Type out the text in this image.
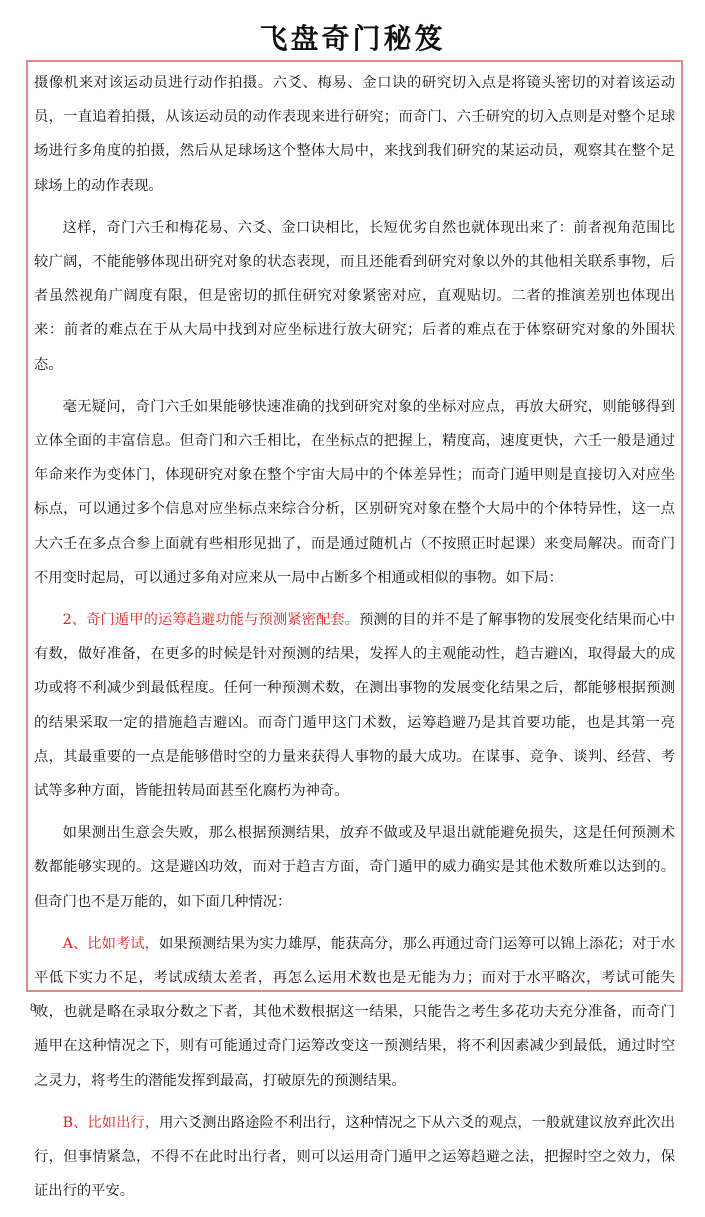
飞盘奇门秘笈

摄像机来对该运动员进行动作拍摄。六爻、梅易、金口诀的研究切入点是将镜头密切的对着该运动员，一直追着拍摄，从该运动员的动作表现来进行研究；而奇门、六壬研究的切入点则是对整个足球场进行多角度的拍摄，然后从足球场这个整体大局中，来找到我们研究的某运动员，观察其在整个足球场上的动作表现。

这样，奇门六壬和梅花易、六爻、金口诀相比，长短优劣自然也就体现出来了：前者视角范围比较广阔，不能能够体现出研究对象的状态表现，而且还能看到研究对象以外的其他相关联系事物，后者虽然视角广阔度有限，但是密切的抓住研究对象紧密对应，直观贴切。二者的推演差别也体现出来：前者的难点在于从大局中找到对应坐标进行放大研究；后者的难点在于体察研究对象的外围状态。

毫无疑问，奇门六壬如果能够快速准确的找到研究对象的坐标对应点，再放大研究，则能够得到立体全面的丰富信息。但奇门和六壬相比，在坐标点的把握上，精度高，速度更快，六壬一般是通过年命来作为变体门，体现研究对象在整个宇宙大局中的个体差异性；而奇门遁甲则是直接切入对应坐标点，可以通过多个信息对应坐标点来综合分析，区别研究对象在整个大局中的个体特异性，这一点大六壬在多点合参上面就有些相形见拙了，而是通过随机占（不按照正时起课）来变局解决。而奇门不用变时起局，可以通过多角对应来从一局中占断多个相通或相似的事物。如下局：

2、奇门遁甲的运筹趋避功能与预测紧密配套。预测的目的并不是了解事物的发展变化结果而心中有数，做好准备，在更多的时候是针对预测的结果，发挥人的主观能动性，趋吉避凶，取得最大的成功或将不利减少到最低程度。任何一种预测术数，在测出事物的发展变化结果之后，都能够根据预测的结果采取一定的措施趋吉避凶。而奇门遁甲这门术数，运筹趋避乃是其首要功能，也是其第一亮点，其最重要的一点是能够借时空的力量来获得人事物的最大成功。在谋事、竞争、谈判、经营、考试等多种方面，皆能扭转局面甚至化腐朽为神奇。

如果测出生意会失败，那么根据预测结果，放弃不做或及早退出就能避免损失，这是任何预测术数都能够实现的。这是避凶功效，而对于趋吉方面，奇门遁甲的威力确实是其他术数所难以达到的。但奇门也不是万能的，如下面几种情况：

A、比如考试，如果预测结果为实力雄厚，能获高分，那么再通过奇门运筹可以锦上添花；对于水平低下实力不足，考试成绩太差者，再怎么运用术数也是无能为力；而对于水平略次，考试可能失败，也就是略在录取分数之下者，其他术数根据这一结果，只能告之考生多花功夫充分准备，而奇门遁甲在这种情况之下，则有可能通过奇门运筹改变这一预测结果，将不利因素减少到最低，通过时空之灵力，将考生的潜能发挥到最高，打破原先的预测结果。

B、比如出行，用六爻测出路途险不利出行，这种情况之下从六爻的观点，一般就建议放弃此次出行，但事情紧急，不得不在此时出行者，则可以运用奇门遁甲之运筹趋避之法，把握时空之效力，保证出行的平安。

8
